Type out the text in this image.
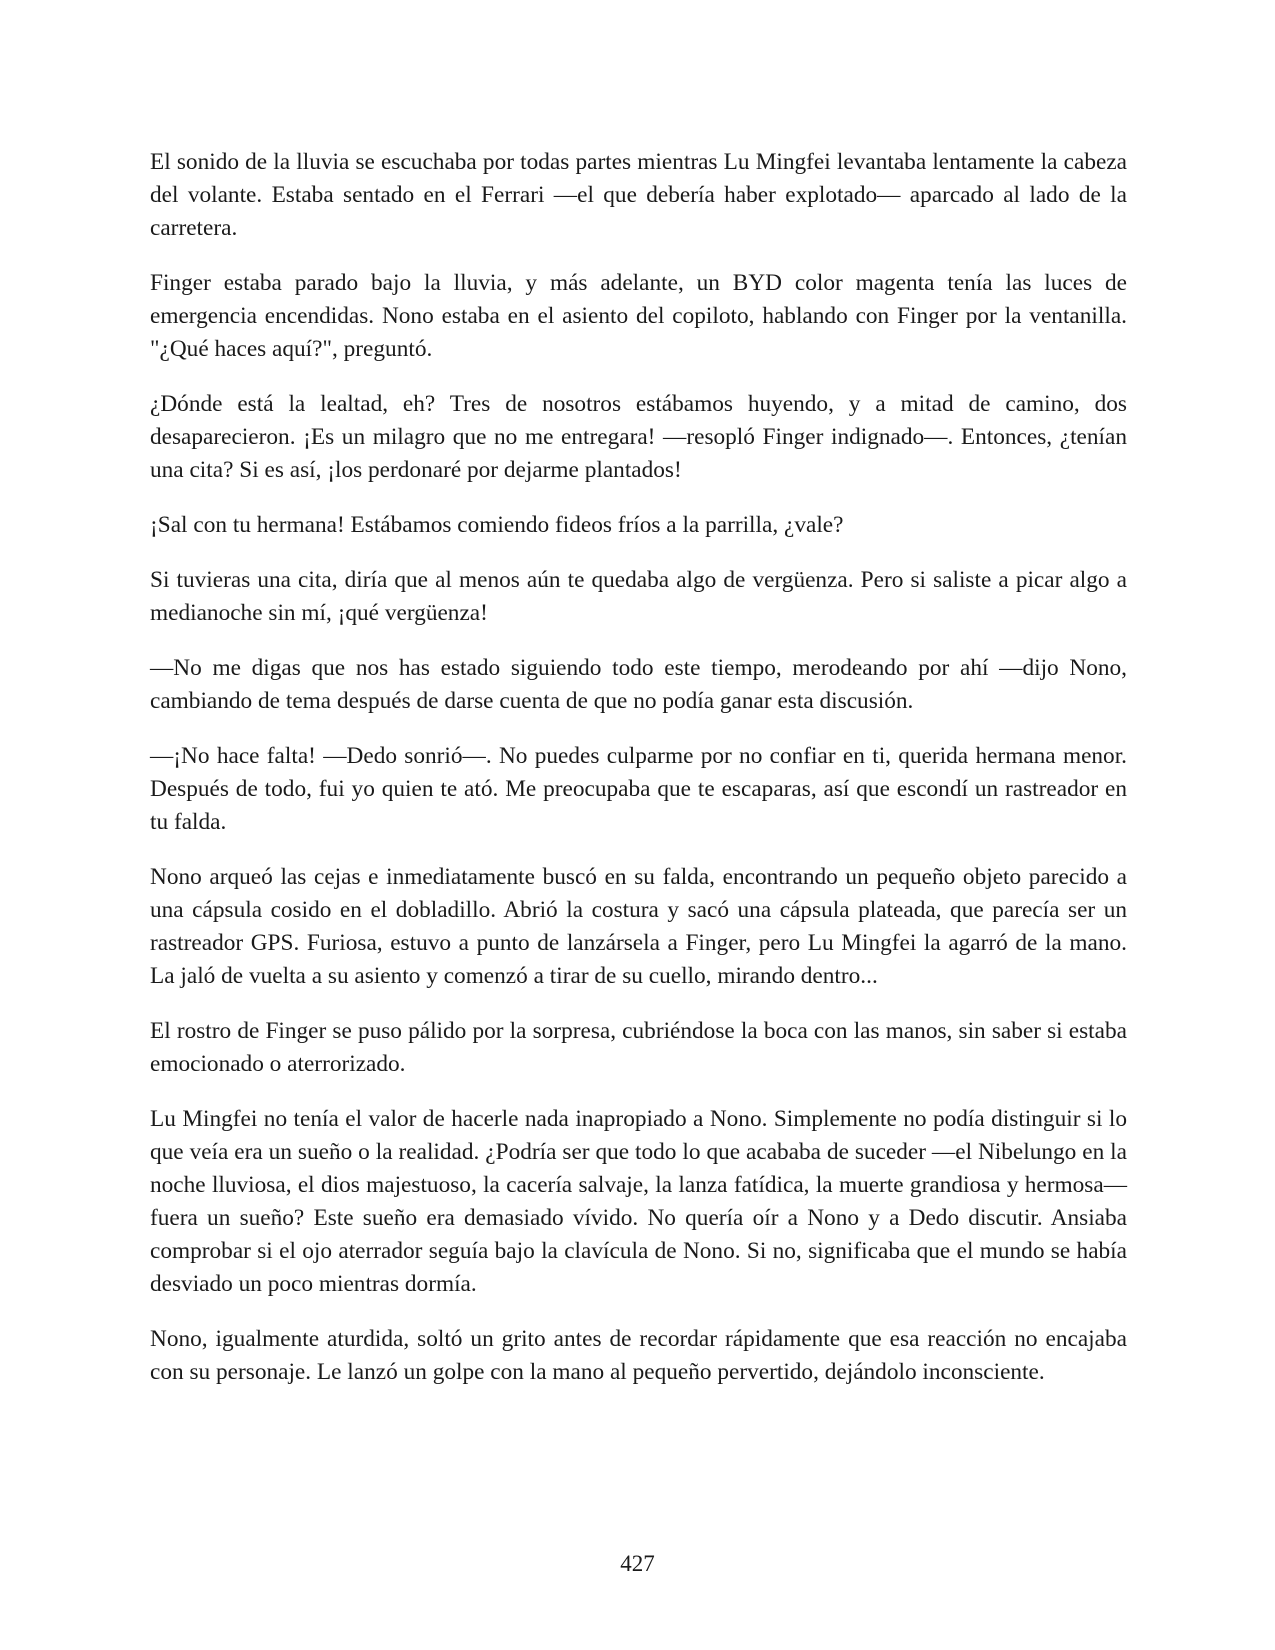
El sonido de la lluvia se escuchaba por todas partes mientras Lu Mingfei levantaba lentamente la cabeza del volante. Estaba sentado en el Ferrari —el que debería haber explotado— aparcado al lado de la carretera.

Finger estaba parado bajo la lluvia, y más adelante, un BYD color magenta tenía las luces de emergencia encendidas. Nono estaba en el asiento del copiloto, hablando con Finger por la ventanilla. "¿Qué haces aquí?", preguntó.

¿Dónde está la lealtad, eh? Tres de nosotros estábamos huyendo, y a mitad de camino, dos desaparecieron. ¡Es un milagro que no me entregara! —resopló Finger indignado—. Entonces, ¿tenían una cita? Si es así, ¡los perdonaré por dejarme plantados!

¡Sal con tu hermana! Estábamos comiendo fideos fríos a la parrilla, ¿vale?

Si tuvieras una cita, diría que al menos aún te quedaba algo de vergüenza. Pero si saliste a picar algo a medianoche sin mí, ¡qué vergüenza!

—No me digas que nos has estado siguiendo todo este tiempo, merodeando por ahí —dijo Nono, cambiando de tema después de darse cuenta de que no podía ganar esta discusión.

—¡No hace falta! —Dedo sonrió—. No puedes culparme por no confiar en ti, querida hermana menor. Después de todo, fui yo quien te ató. Me preocupaba que te escaparas, así que escondí un rastreador en tu falda.

Nono arqueó las cejas e inmediatamente buscó en su falda, encontrando un pequeño objeto parecido a una cápsula cosido en el dobladillo. Abrió la costura y sacó una cápsula plateada, que parecía ser un rastreador GPS. Furiosa, estuvo a punto de lanzársela a Finger, pero Lu Mingfei la agarró de la mano. La jaló de vuelta a su asiento y comenzó a tirar de su cuello, mirando dentro...

El rostro de Finger se puso pálido por la sorpresa, cubriéndose la boca con las manos, sin saber si estaba emocionado o aterrorizado.

Lu Mingfei no tenía el valor de hacerle nada inapropiado a Nono. Simplemente no podía distinguir si lo que veía era un sueño o la realidad. ¿Podría ser que todo lo que acababa de suceder —el Nibelungo en la noche lluviosa, el dios majestuoso, la cacería salvaje, la lanza fatídica, la muerte grandiosa y hermosa— fuera un sueño? Este sueño era demasiado vívido. No quería oír a Nono y a Dedo discutir. Ansiaba comprobar si el ojo aterrador seguía bajo la clavícula de Nono. Si no, significaba que el mundo se había desviado un poco mientras dormía.

Nono, igualmente aturdida, soltó un grito antes de recordar rápidamente que esa reacción no encajaba con su personaje. Le lanzó un golpe con la mano al pequeño pervertido, dejándolo inconsciente.

427
